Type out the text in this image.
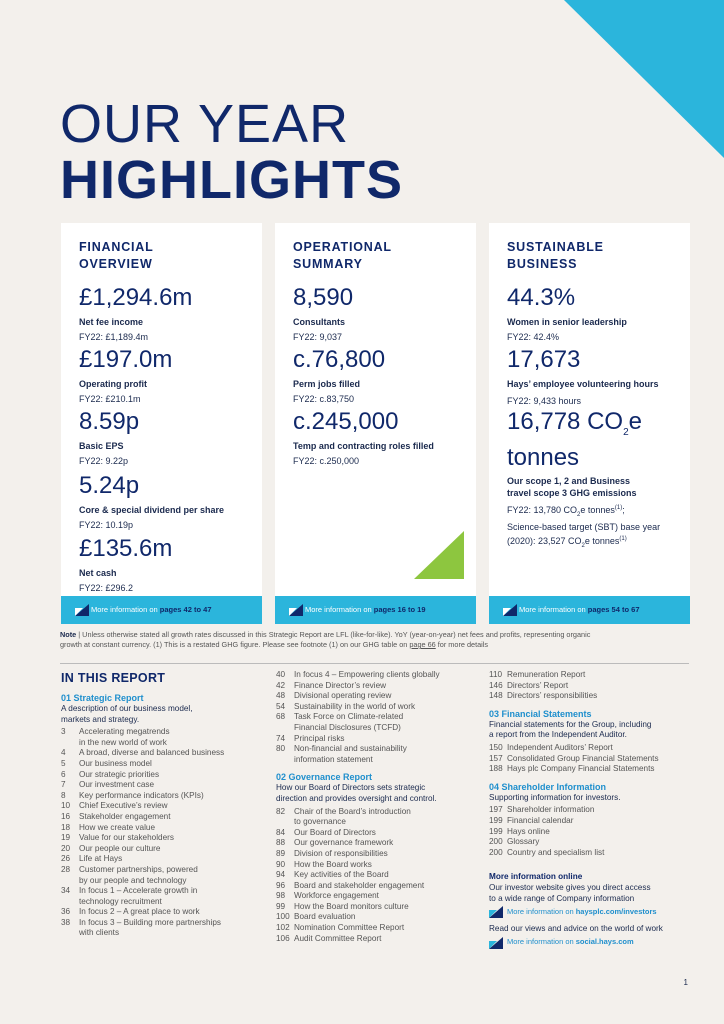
OUR YEAR
HIGHLIGHTS
FINANCIAL
OVERVIEW
£1,294.6m
Net fee income
FY22: £1,189.4m
£197.0m
Operating profit
FY22: £210.1m
8.59p
Basic EPS
FY22: 9.22p
5.24p
Core & special dividend per share
FY22: 10.19p
£135.6m
Net cash
FY22: £296.2
More information on pages 42 to 47
OPERATIONAL
SUMMARY
8,590
Consultants
FY22: 9,037
c.76,800
Perm jobs filled
FY22: c.83,750
c.245,000
Temp and contracting roles filled
FY22: c.250,000
More information on pages 16 to 19
SUSTAINABLE
BUSINESS
44.3%
Women in senior leadership
FY22: 42.4%
17,673
Hays’ employee volunteering hours
FY22: 9,433 hours
16,778 $CO_2e$
tonnes
Our scope 1, 2 and Business
travel scope 3 GHG emissions
FY22: 13,780 $CO_2e$ tonnes$^{(1)}$;
Science-based target (SBT) base year
(2020): 23,527 $CO_2e$ tonnes$^{(1)}$
More information on pages 54 to 67
Note | Unless otherwise stated all growth rates discussed in this Strategic Report are LFL (like-for-like). YoY (year-on-year) net fees and profits, representing organic
growth at constant currency. (1) This is a restated GHG figure. Please see footnote (1) on our GHG table on page 66 for more details
IN THIS REPORT
01 Strategic Report
A description of our business model,
markets and strategy.
3	Accelerating megatrends
in the new world of work
4	A broad, diverse and balanced business
5	Our business model
6	Our strategic priorities
7	Our investment case
8	Key performance indicators (KPIs)
10	Chief Executive’s review
16	Stakeholder engagement
18	How we create value
19	Value for our stakeholders
20	Our people our culture
26	Life at Hays
28	Customer partnerships, powered
by our people and technology
34	In focus 1 – Accelerate growth in
technology recruitment
36	In focus 2 – A great place to work
38	In focus 3 – Building more partnerships
with clients
40	In focus 4 – Empowering clients globally
42	Finance Director’s review
48	Divisional operating review
54	Sustainability in the world of work
68	Task Force on Climate-related
Financial Disclosures (TCFD)
74	Principal risks
80	Non-financial and sustainability
information statement
02 Governance Report
How our Board of Directors sets strategic
direction and provides oversight and control.
82	Chair of the Board’s introduction
to governance
84	Our Board of Directors
88	Our governance framework
89	Division of responsibilities
90	How the Board works
94	Key activities of the Board
96	Board and stakeholder engagement
98	Workforce engagement
99	How the Board monitors culture
100 Board evaluation
102 Nomination Committee Report
106 Audit Committee Report
110 Remuneration Report
146 Directors’ Report
148 Directors’ responsibilities
03 Financial Statements
Financial statements for the Group, including
a report from the Independent Auditor.
150 Independent Auditors’ Report
157 Consolidated Group Financial Statements
188 Hays plc Company Financial Statements
04 Shareholder Information
Supporting information for investors.
197 Shareholder information
199 Financial calendar
199 Hays online
200 Glossary
200 Country and specialism list
More information online
Our investor website gives you direct access
to a wide range of Company information
More information on haysplc.com/investors
Read our views and advice on the world of work
More information on social.hays.com
1
